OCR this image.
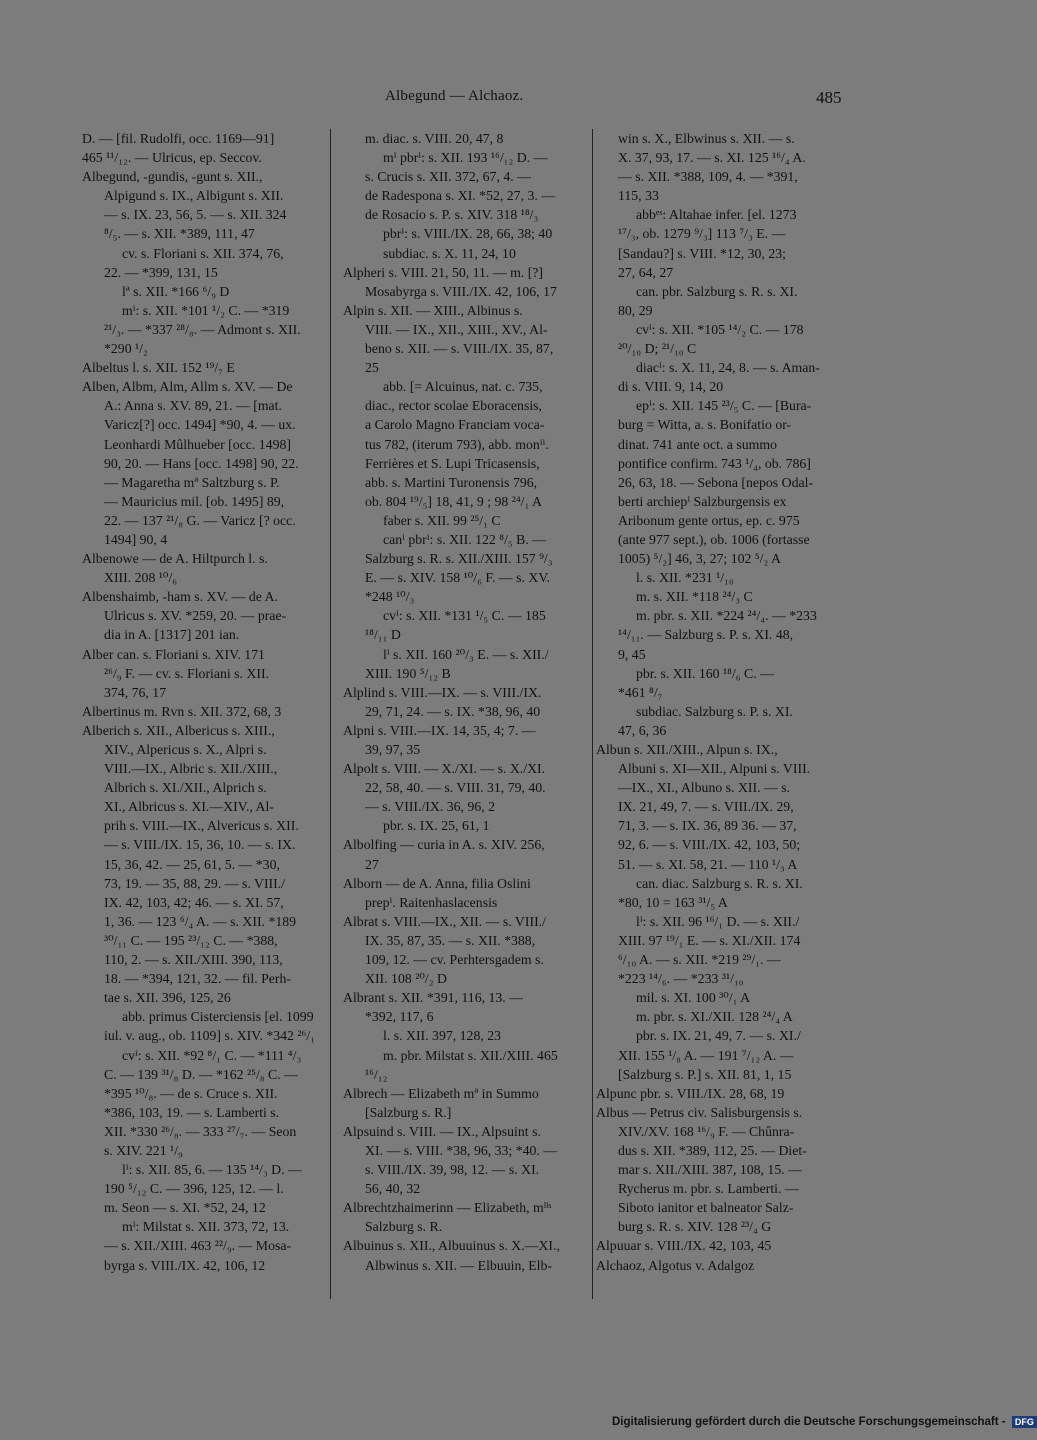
Albegund — Alchaoz.	485
D. — [fil. Rudolfi, occ. 1169—91]
465 ¹¹/₁₂. — Ulricus, ep. Seccov.
Albegund, -gundis, -gunt s. XII.,
Alpigund s. IX., Albigunt s. XII.
— s. IX. 23, 56, 5. — s. XII. 324
⁸/₅. — s. XII. *389, 111, 47
cv. s. Floriani s. XII. 374, 76,
22. — *399, 131, 15
lª s. XII. *166 ⁶/₉ D
mⁱ: s. XII. *101 ¹/₂ C. — *319
²¹/₃. — *337 ²⁸/₈. — Admont s. XII.
*290 ¹/₂
Albeltus l. s. XII. 152 ¹⁹/₇ E
Alben, Albm, Alm, Allm s. XV. — De
A.: Anna s. XV. 89, 21. — [mat.
Varicz[?] occ. 1494] *90, 4. — ux.
Leonhardi Mûlhueber [occ. 1498]
90, 20. — Hans [occ. 1498] 90, 22.
— Magaretha mª Saltzburg s. P.
— Mauricius mil. [ob. 1495] 89,
22. — 137 ²¹/₈ G. — Varicz [? occ.
1494] 90, 4
Albenowe — de A. Hiltpurch l. s.
XIII. 208 ¹⁰/₆
Albenshaimb, -ham s. XV. — de A.
Ulricus s. XV. *259, 20. — prae-
dia in A. [1317] 201 ian.
Alber can. s. Floriani s. XIV. 171
²⁶/₉ F. — cv. s. Floriani s. XII.
374, 76, 17
Albertinus m. Rvn s. XII. 372, 68, 3
Alberich s. XII., Albericus s. XIII.,
XIV., Alpericus s. X., Alpri s.
VIII.—IX., Albric s. XII./XIII.,
Albrich s. XI./XII., Alprich s.
XI., Albricus s. XI.—XIV., Al-
prih s. VIII.—IX., Alvericus s. XII.
— s. VIII./IX. 15, 36, 10. — s. IX.
15, 36, 42. — 25, 61, 5. — *30,
73, 19. — 35, 88, 29. — s. VIII./
IX. 42, 103, 42; 46. — s. XI. 57,
1, 36. — 123 ⁶/₄ A. — s. XII. *189
³⁰/₁₁ C. — 195 ²³/₁₂ C. — *388,
110, 2. — s. XII./XIII. 390, 113,
18. — *394, 121, 32. — fil. Perh-
tae s. XII. 396, 125, 26
abb. primus Cisterciensis [el. 1099
iul. v. aug., ob. 1109] s. XIV. *342 ²⁶/₁
cvⁱ: s. XII. *92 ⁸/₁ C. — *111 ⁴/₃
C. — 139 ³¹/₈ D. — *162 ²⁵/₈ C. —
*395 ¹⁰/₈. — de s. Cruce s. XII.
*386, 103, 19. — s. Lamberti s.
XII. *330 ²⁶/₈. — 333 ²⁷/₇. — Seon
s. XIV. 221 ¹/₉
lⁱ: s. XII. 85, 6. — 135 ¹⁴/₃ D. —
190 ⁵/₁₂ C. — 396, 125, 12. — l.
m. Seon — s. XI. *52, 24, 12
mⁱ: Milstat s. XII. 373, 72, 13.
— s. XII./XIII. 463 ²²/₉. — Mosa-
byrga s. VIII./IX. 42, 106, 12
m. diac. s. VIII. 20, 47, 8
mⁱ pbrⁱ: s. XII. 193 ¹⁶/₁₂ D. —
s. Crucis s. XII. 372, 67, 4. —
de Radespona s. XI. *52, 27, 3. —
de Rosacio s. P. s. XIV. 318 ¹⁸/₃
pbrⁱ: s. VIII./IX. 28, 66, 38; 40
subdiac. s. X. 11, 24, 10
Alpheri s. VIII. 21, 50, 11. — m. [?]
Mosabyrga s. VIII./IX. 42, 106, 17
Alpin s. XII. — XIII., Albinus s.
VIII. — IX., XII., XIII., XV., Al-
beno s. XII. — s. VIII./IX. 35, 87,
25
abb. [= Alcuinus, nat. c. 735,
diac., rector scolae Eboracensis,
a Carolo Magno Franciam voca-
tus 782, (iterum 793), abb. monⁱⁱ.
Ferrières et S. Lupi Tricasensis,
abb. s. Martini Turonensis 796,
ob. 804 ¹⁹/₅] 18, 41, 9 ; 98 ²⁴/₁ A
faber s. XII. 99 ²⁵/₁ C
canⁱ pbrⁱ: s. XII. 122 ⁸/₅ B. —
Salzburg s. R. s. XII./XIII. 157 ⁹/₃
E. — s. XIV. 158 ¹⁰/₆ F. — s. XV.
*248 ¹⁰/₃
cvⁱ: s. XII. *131 ¹/₅ C. — 185
¹⁸/₁₁ D
lⁱ s. XII. 160 ²⁰/₃ E. — s. XII./
XIII. 190 ⁵/₁₂ B
Alplind s. VIII.—IX. — s. VIII./IX.
29, 71, 24. — s. IX. *38, 96, 40
Alpni s. VIII.—IX. 14, 35, 4; 7. —
39, 97, 35
Alpolt s. VIII. — X./XI. — s. X./XI.
22, 58, 40. — s. VIII. 31, 79, 40.
— s. VIII./IX. 36, 96, 2
pbr. s. IX. 25, 61, 1
Albolfing — curia in A. s. XIV. 256,
27
Alborn — de A. Anna, filia Oslini
prepⁱ. Raitenhaslacensis
Albrat s. VIII.—IX., XII. — s. VIII./
IX. 35, 87, 35. — s. XII. *388,
109, 12. — cv. Perhtersgadem s.
XII. 108 ²⁰/₂ D
Albrant s. XII. *391, 116, 13. —
*392, 117, 6
l. s. XII. 397, 128, 23
m. pbr. Milstat s. XII./XIII. 465
¹⁶/₁₂
Albrech — Elizabeth mª in Summo
[Salzburg s. R.]
Alpsuind s. VIII. — IX., Alpsuint s.
XI. — s. VIII. *38, 96, 33; *40. —
s. VIII./IX. 39, 98, 12. — s. XI.
56, 40, 32
Albrechtzhaimerinn — Elizabeth, mˡˡˢ
Salzburg s. R.
Albuinus s. XII., Albuuinus s. X.—XI.,
Albwinus s. XII. — Elbuuin, Elb-
win s. X., Elbwinus s. XII. — s.
X. 37, 93, 17. — s. XI. 125 ¹⁶/₄ A.
— s. XII. *388, 109, 4. — *391,
115, 33
abbᵉˢ: Altahae infer. [el. 1273
¹⁷/₃, ob. 1279 ⁹/₃] 113 ⁷/₃ E. —
[Sandau?] s. VIII. *12, 30, 23;
27, 64, 27
can. pbr. Salzburg s. R. s. XI.
80, 29
cvⁱ: s. XII. *105 ¹⁴/₂ C. — 178
²⁰/₁₀ D; ²¹/₁₀ C
diacⁱ: s. X. 11, 24, 8. — s. Aman-
di s. VIII. 9, 14, 20
epⁱ: s. XII. 145 ²³/₅ C. — [Bura-
burg = Witta, a. s. Bonifatio or-
dinat. 741 ante oct. a summo
pontifice confirm. 743 ¹/₄, ob. 786]
26, 63, 18. — Sebona [nepos Odal-
berti archiepⁱ Salzburgensis ex
Aribonum gente ortus, ep. c. 975
(ante 977 sept.), ob. 1006 (fortasse
1005) ⁵/₂] 46, 3, 27; 102 ⁵/₂ A
l. s. XII. *231 ¹/₁₀
m. s. XII. *118 ²⁴/₃ C
m. pbr. s. XII. *224 ²⁴/₄. — *233
¹⁴/₁₁. — Salzburg s. P. s. XI. 48,
9, 45
pbr. s. XII. 160 ¹⁸/₆ C. —
*461 ⁸/₇
subdiac. Salzburg s. P. s. XI.
47, 6, 36
Albun s. XII./XIII., Alpun s. IX.,
Albuni s. XI—XII., Alpuni s. VIII.
—IX., XI., Albuno s. XII. — s.
IX. 21, 49, 7. — s. VIII./IX. 29,
71, 3. — s. IX. 36, 89 36. — 37,
92, 6. — s. VIII./IX. 42, 103, 50;
51. — s. XI. 58, 21. — 110 ¹/₃ A
can. diac. Salzburg s. R. s. XI.
*80, 10 = 163 ³¹/₅ A
lⁱ: s. XII. 96 ¹⁶/₁ D. — s. XII./
XIII. 97 ¹⁹/₁ E. — s. XI./XII. 174
⁶/₁₀ A. — s. XII. *219 ²⁹/₁. —
*223 ¹⁴/₆. — *233 ³¹/₁₀
mil. s. XI. 100 ³⁰/₁ A
m. pbr. s. XI./XII. 128 ²⁴/₄ A
pbr. s. IX. 21, 49, 7. — s. XI./
XII. 155 ¹/₈ A. — 191 ⁷/₁₂ A. —
[Salzburg s. P.] s. XII. 81, 1, 15
Alpunc pbr. s. VIII./IX. 28, 68, 19
Albus — Petrus civ. Salisburgensis s.
XIV./XV. 168 ¹⁶/₉ F. — Chûnra-
dus s. XII. *389, 112, 25. — Diet-
mar s. XII./XIII. 387, 108, 15. —
Rycherus m. pbr. s. Lamberti. —
Siboto ianitor et balneator Salz-
burg s. R. s. XIV. 128 ²³/₄ G
Alpuuar s. VIII./IX. 42, 103, 45
Alchaoz, Algotus v. Adalgoz
Digitalisierung gefördert durch die Deutsche Forschungsgemeinschaft - DFG
